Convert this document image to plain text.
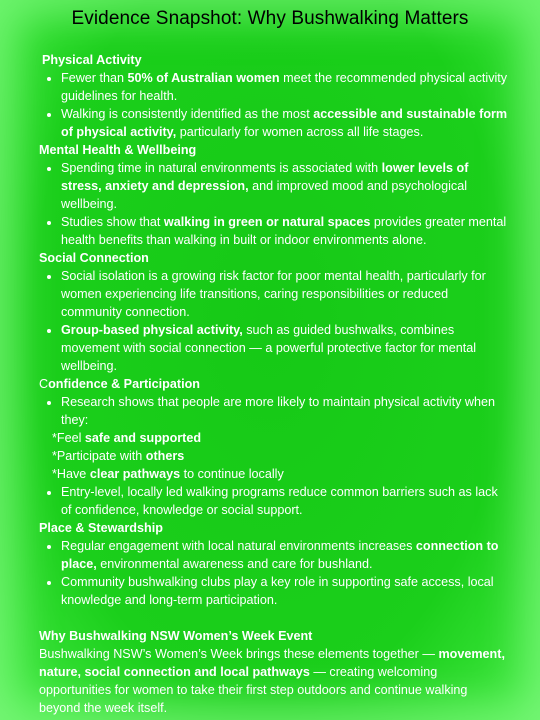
Evidence Snapshot: Why Bushwalking Matters

Physical Activity

• Fewer than 50% of Australian women meet the recommended physical activity guidelines for health.
• Walking is consistently identified as the most accessible and sustainable form of physical activity, particularly for women across all life stages.

Mental Health & Wellbeing

• Spending time in natural environments is associated with lower levels of stress, anxiety and depression, and improved mood and psychological wellbeing.
• Studies show that walking in green or natural spaces provides greater mental health benefits than walking in built or indoor environments alone.

Social Connection

• Social isolation is a growing risk factor for poor mental health, particularly for women experiencing life transitions, caring responsibilities or reduced community connection.
• Group-based physical activity, such as guided bushwalks, combines movement with social connection — a powerful protective factor for mental wellbeing.

Confidence & Participation

• Research shows that people are more likely to maintain physical activity when they:
*Feel safe and supported
*Participate with others
*Have clear pathways to continue locally
• Entry-level, locally led walking programs reduce common barriers such as lack of confidence, knowledge or social support.

Place & Stewardship

• Regular engagement with local natural environments increases connection to place, environmental awareness and care for bushland.
• Community bushwalking clubs play a key role in supporting safe access, local knowledge and long-term participation.

Why Bushwalking NSW Women’s Week Event

Bushwalking NSW’s Women’s Week brings these elements together — movement, nature, social connection and local pathways — creating welcoming opportunities for women to take their first step outdoors and continue walking beyond the week itself.
